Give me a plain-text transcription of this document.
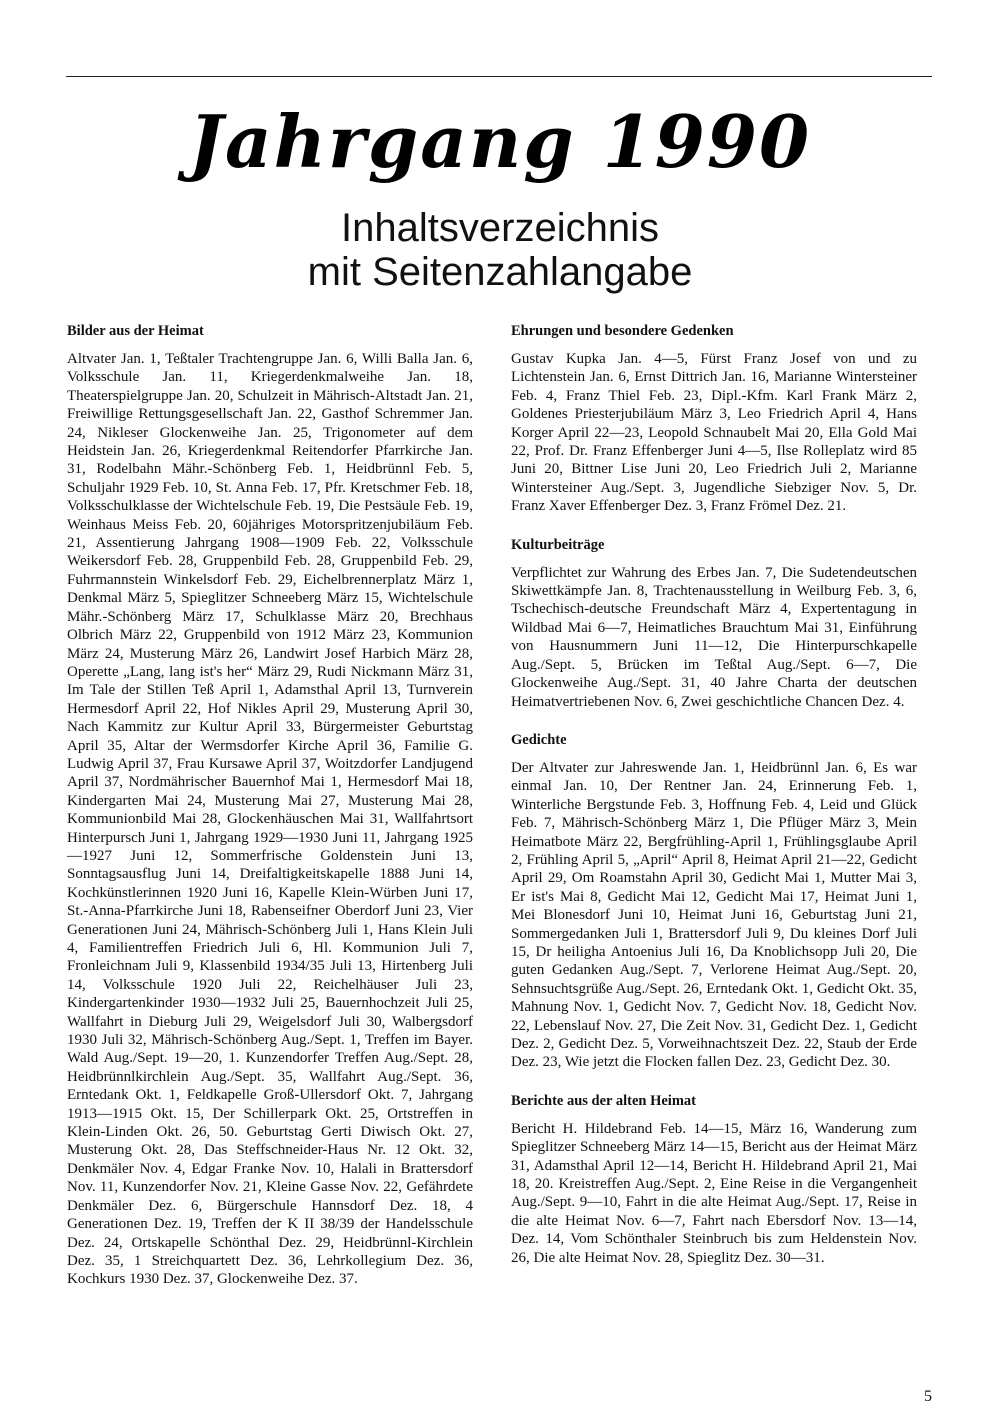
Jahrgang 1990
Inhaltsverzeichnis
mit Seitenzahlangabe
Bilder aus der Heimat

Altvater Jan. 1, Teßtaler Trachtengruppe Jan. 6, Willi Balla Jan. 6, Volksschule Jan. 11, Kriegerdenkmalweihe Jan. 18, Theaterspielgruppe Jan. 20, Schulzeit in Mährisch-Altstadt Jan. 21, Freiwillige Rettungsgesellschaft Jan. 22, Gasthof Schremmer Jan. 24, Nikleser Glockenweihe Jan. 25, Trigonometer auf dem Heidstein Jan. 26, Kriegerdenkmal Reitendorfer Pfarrkirche Jan. 31, Rodelbahn Mähr.-Schönberg Feb. 1, Heidbrünnl Feb. 5, Schuljahr 1929 Feb. 10, St. Anna Feb. 17, Pfr. Kretschmer Feb. 18, Volksschulklasse der Wichtelschule Feb. 19, Die Pestsäule Feb. 19, Weinhaus Meiss Feb. 20, 60jähriges Motorspritzenjubiläum Feb. 21, Assentierung Jahrgang 1908—1909 Feb. 22, Volksschule Weikersdorf Feb. 28, Gruppenbild Feb. 28, Gruppenbild Feb. 29, Fuhrmannstein Winkelsdorf Feb. 29, Eichelbrennerplatz März 1, Denkmal März 5, Spieglitzer Schneeberg März 15, Wichtelschule Mähr.-Schönberg März 17, Schulklasse März 20, Brechhaus Olbrich März 22, Gruppenbild von 1912 März 23, Kommunion März 24, Musterung März 26, Landwirt Josef Harbich März 28, Operette „Lang, lang ist's her“ März 29, Rudi Nickmann März 31, Im Tale der Stillen Teß April 1, Adamsthal April 13, Turnverein Hermesdorf April 22, Hof Nikles April 29, Musterung April 30, Nach Kammitz zur Kultur April 33, Bürgermeister Geburtstag April 35, Altar der Wermsdorfer Kirche April 36, Familie G. Ludwig April 37, Frau Kursawe April 37, Woitzdorfer Landjugend April 37, Nordmährischer Bauernhof Mai 1, Hermesdorf Mai 18, Kindergarten Mai 24, Musterung Mai 27, Musterung Mai 28, Kommunionbild Mai 28, Glockenhäuschen Mai 31, Wallfahrtsort Hinterpursch Juni 1, Jahrgang 1929—1930 Juni 11, Jahrgang 1925—1927 Juni 12, Sommerfrische Goldenstein Juni 13, Sonntagsausflug Juni 14, Dreifaltigkeitskapelle 1888 Juni 14, Kochkünstlerinnen 1920 Juni 16, Kapelle Klein-Würben Juni 17, St.-Anna-Pfarrkirche Juni 18, Rabenseifner Oberdorf Juni 23, Vier Generationen Juni 24, Mährisch-Schönberg Juli 1, Hans Klein Juli 4, Familientreffen Friedrich Juli 6, Hl. Kommunion Juli 7, Fronleichnam Juli 9, Klassenbild 1934/35 Juli 13, Hirtenberg Juli 14, Volksschule 1920 Juli 22, Reichelhäuser Juli 23, Kindergartenkinder 1930—1932 Juli 25, Bauernhochzeit Juli 25, Wallfahrt in Dieburg Juli 29, Weigelsdorf Juli 30, Walbergsdorf 1930 Juli 32, Mährisch-Schönberg Aug./Sept. 1, Treffen im Bayer. Wald Aug./Sept. 19—20, 1. Kunzendorfer Treffen Aug./Sept. 28, Heidbrünnlkirchlein Aug./Sept. 35, Wallfahrt Aug./Sept. 36, Erntedank Okt. 1, Feldkapelle Groß-Ullersdorf Okt. 7, Jahrgang 1913—1915 Okt. 15, Der Schillerpark Okt. 25, Ortstreffen in Klein-Linden Okt. 26, 50. Geburtstag Gerti Diwisch Okt. 27, Musterung Okt. 28, Das Steffschneider-Haus Nr. 12 Okt. 32, Denkmäler Nov. 4, Edgar Franke Nov. 10, Halali in Brattersdorf Nov. 11, Kunzendorfer Nov. 21, Kleine Gasse Nov. 22, Gefährdete Denkmäler Dez. 6, Bürgerschule Hannsdorf Dez. 18, 4 Generationen Dez. 19, Treffen der K II 38/39 der Handelsschule Dez. 24, Ortskapelle Schönthal Dez. 29, Heidbrünnl-Kirchlein Dez. 35, 1 Streichquartett Dez. 36, Lehrkollegium Dez. 36, Kochkurs 1930 Dez. 37, Glockenweihe Dez. 37.

Ehrungen und besondere Gedenken

Gustav Kupka Jan. 4—5, Fürst Franz Josef von und zu Lichtenstein Jan. 6, Ernst Dittrich Jan. 16, Marianne Wintersteiner Feb. 4, Franz Thiel Feb. 23, Dipl.-Kfm. Karl Frank März 2, Goldenes Priesterjubiläum März 3, Leo Friedrich April 4, Hans Korger April 22—23, Leopold Schnaubelt Mai 20, Ella Gold Mai 22, Prof. Dr. Franz Effenberger Juni 4—5, Ilse Rolleplatz wird 85 Juni 20, Bittner Lise Juni 20, Leo Friedrich Juli 2, Marianne Wintersteiner Aug./Sept. 3, Jugendliche Siebziger Nov. 5, Dr. Franz Xaver Effenberger Dez. 3, Franz Frömel Dez. 21.

Kulturbeiträge

Verpflichtet zur Wahrung des Erbes Jan. 7, Die Sudetendeutschen Skiwettkämpfe Jan. 8, Trachtenausstellung in Weilburg Feb. 3, 6, Tschechisch-deutsche Freundschaft März 4, Expertentagung in Wildbad Mai 6—7, Heimatliches Brauchtum Mai 31, Einführung von Hausnummern Juni 11—12, Die Hinterpurschkapelle Aug./Sept. 5, Brücken im Teßtal Aug./Sept. 6—7, Die Glockenweihe Aug./Sept. 31, 40 Jahre Charta der deutschen Heimatvertriebenen Nov. 6, Zwei geschichtliche Chancen Dez. 4.

Gedichte

Der Altvater zur Jahreswende Jan. 1, Heidbrünnl Jan. 6, Es war einmal Jan. 10, Der Rentner Jan. 24, Erinnerung Feb. 1, Winterliche Bergstunde Feb. 3, Hoffnung Feb. 4, Leid und Glück Feb. 7, Mährisch-Schönberg März 1, Die Pflüger März 3, Mein Heimatbote März 22, Bergfrühling-April 1, Frühlingsglaube April 2, Frühling April 5, „April“ April 8, Heimat April 21—22, Gedicht April 29, Om Roamstahn April 30, Gedicht Mai 1, Mutter Mai 3, Er ist's Mai 8, Gedicht Mai 12, Gedicht Mai 17, Heimat Juni 1, Mei Blonesdorf Juni 10, Heimat Juni 16, Geburtstag Juni 21, Sommergedanken Juli 1, Brattersdorf Juli 9, Du kleines Dorf Juli 15, Dr heiligha Antoenius Juli 16, Da Knoblichsopp Juli 20, Die guten Gedanken Aug./Sept. 7, Verlorene Heimat Aug./Sept. 20, Sehnsuchtsgrüße Aug./Sept. 26, Erntedank Okt. 1, Gedicht Okt. 35, Mahnung Nov. 1, Gedicht Nov. 7, Gedicht Nov. 18, Gedicht Nov. 22, Lebenslauf Nov. 27, Die Zeit Nov. 31, Gedicht Dez. 1, Gedicht Dez. 2, Gedicht Dez. 5, Vorweihnachtszeit Dez. 22, Staub der Erde Dez. 23, Wie jetzt die Flocken fallen Dez. 23, Gedicht Dez. 30.

Berichte aus der alten Heimat

Bericht H. Hildebrand Feb. 14—15, März 16, Wanderung zum Spieglitzer Schneeberg März 14—15, Bericht aus der Heimat März 31, Adamsthal April 12—14, Bericht H. Hildebrand April 21, Mai 18, 20. Kreistreffen Aug./Sept. 2, Eine Reise in die Vergangenheit Aug./Sept. 9—10, Fahrt in die alte Heimat Aug./Sept. 17, Reise in die alte Heimat Nov. 6—7, Fahrt nach Ebersdorf Nov. 13—14, Dez. 14, Vom Schönthaler Steinbruch bis zum Heldenstein Nov. 26, Die alte Heimat Nov. 28, Spieglitz Dez. 30—31.

5
